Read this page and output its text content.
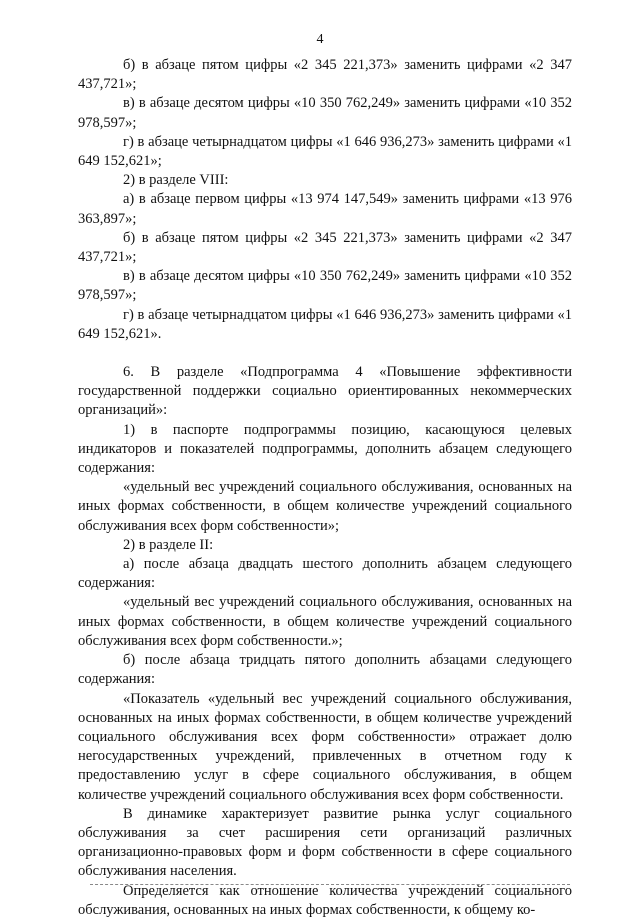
4

б) в абзаце пятом цифры «2 345 221,373» заменить цифрами «2 347 437,721»;

в) в абзаце десятом цифры «10 350 762,249» заменить цифрами «10 352 978,597»;

г) в абзаце четырнадцатом цифры «1 646 936,273» заменить цифрами «1 649 152,621»;

2) в разделе VIII:

а) в абзаце первом цифры «13 974 147,549» заменить цифрами «13 976 363,897»;

б) в абзаце пятом цифры «2 345 221,373» заменить цифрами «2 347 437,721»;

в) в абзаце десятом цифры «10 350 762,249» заменить цифрами «10 352 978,597»;

г) в абзаце четырнадцатом цифры «1 646 936,273» заменить цифрами «1 649 152,621».

6. В разделе «Подпрограмма 4 «Повышение эффективности государственной поддержки социально ориентированных некоммерческих организаций»:

1) в паспорте подпрограммы позицию, касающуюся целевых индикаторов и показателей подпрограммы, дополнить абзацем следующего содержания:

«удельный вес учреждений социального обслуживания, основанных на иных формах собственности, в общем количестве учреждений социального обслуживания всех форм собственности»;

2) в разделе II:

а) после абзаца двадцать шестого дополнить абзацем следующего содержания:

«удельный вес учреждений социального обслуживания, основанных на иных формах собственности, в общем количестве учреждений социального обслуживания всех форм собственности.»;

б) после абзаца тридцать пятого дополнить абзацами следующего содержания:

«Показатель «удельный вес учреждений социального обслуживания, основанных на иных формах собственности, в общем количестве учреждений социального обслуживания всех форм собственности» отражает долю негосударственных учреждений, привлеченных в отчетном году к предоставлению услуг в сфере социального обслуживания, в общем количестве учреждений социального обслуживания всех форм собственности.

В динамике характеризует развитие рынка услуг социального обслуживания за счет расширения сети организаций различных организационно-правовых форм и форм собственности в сфере социального обслуживания населения.

Определяется как отношение количества учреждений социального обслуживания, основанных на иных формах собственности, к общему ко-
